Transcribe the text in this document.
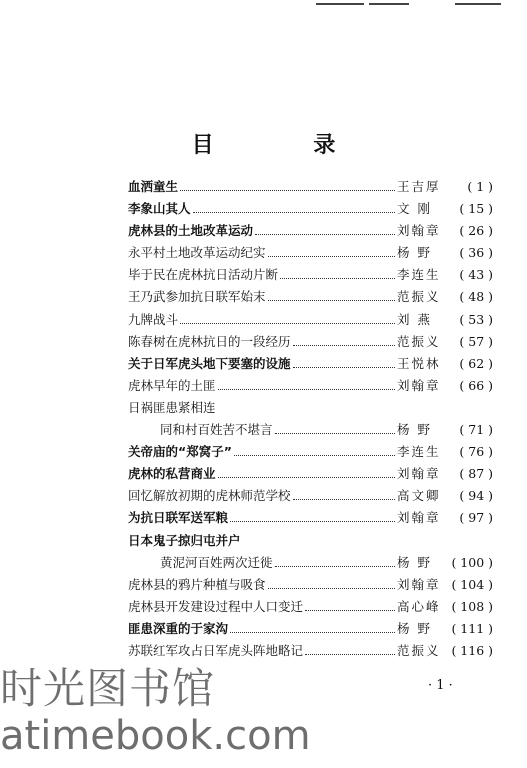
目 录
血洒童生	王吉厚	( 1 )
李象山其人	文 刚	( 15 )
虎林县的土地改革运动	刘翰章	( 26 )
永平村土地改革运动纪实	杨 野	( 36 )
毕于民在虎林抗日活动片断	李连生	( 43 )
王乃武参加抗日联军始末	范振义	( 48 )
九牌战斗	刘 燕	( 53 )
陈春树在虎林抗日的一段经历	范振义	( 57 )
关于日军虎头地下要塞的设施	王悦林	( 62 )
虎林早年的土匪	刘翰章	( 66 )
日祸匪患紧相连
同和村百姓苦不堪言	杨 野	( 71 )
关帝庙的“郑窝子”	李连生	( 76 )
虎林的私营商业	刘翰章	( 87 )
回忆解放初期的虎林师范学校	高文卿	( 94 )
为抗日联军送军粮	刘翰章	( 97 )
日本鬼子掠归屯并户
黄泥河百姓两次迁徙	杨 野	( 100 )
虎林县的鸦片种植与吸食	刘翰章 ( 104 )
虎林县开发建设过程中人口变迁	高心峰 ( 108 )
匪患深重的于家沟	杨 野	( 111 )
苏联红军攻占日军虎头阵地略记	范振义 ( 116 )
· 1 ·
时光图书馆
atimebook.com
